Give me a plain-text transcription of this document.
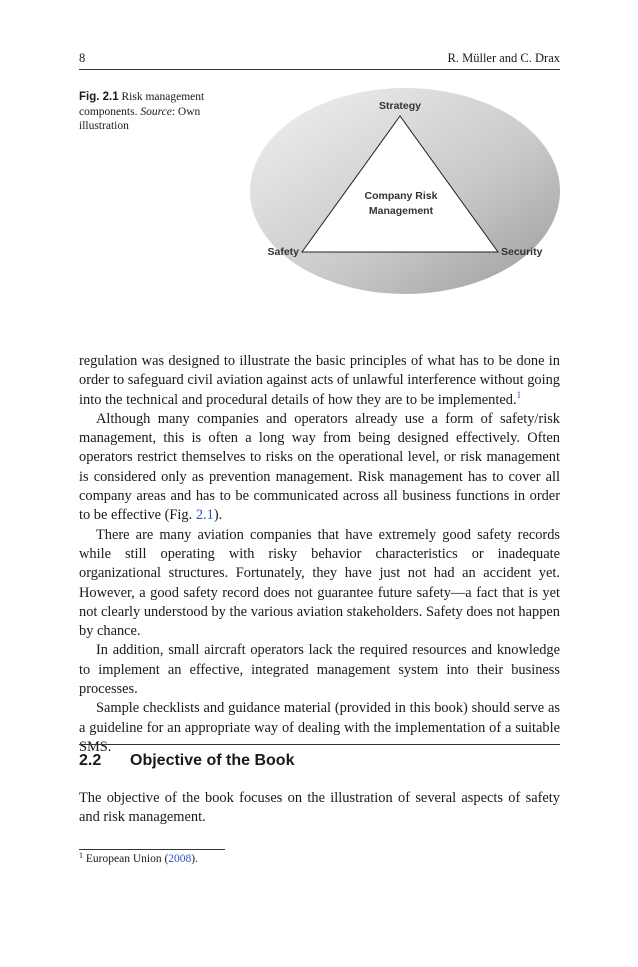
8	R. Müller and C. Drax
Fig. 2.1 Risk management components. Source: Own illustration
Strategy
Company Risk
Management
Safety	Security

regulation was designed to illustrate the basic principles of what has to be done in order to safeguard civil aviation against acts of unlawful interference without going into the technical and procedural details of how they are to be implemented.$^1$

Although many companies and operators already use a form of safety/risk management, this is often a long way from being designed effectively. Often operators restrict themselves to risks on the operational level, or risk management is considered only as prevention management. Risk management has to cover all company areas and has to be communicated across all business functions in order to be effective (Fig. 2.1).

There are many aviation companies that have extremely good safety records while still operating with risky behavior characteristics or inadequate organizational structures. Fortunately, they have just not had an accident yet. However, a good safety record does not guarantee future safety—a fact that is yet not clearly understood by the various aviation stakeholders. Safety does not happen by chance.

In addition, small aircraft operators lack the required resources and knowledge to implement an effective, integrated management system into their business processes.

Sample checklists and guidance material (provided in this book) should serve as a guideline for an appropriate way of dealing with the implementation of a suitable SMS.

2.2 Objective of the Book

The objective of the book focuses on the illustration of several aspects of safety and risk management.

$^1$ European Union (2008).
